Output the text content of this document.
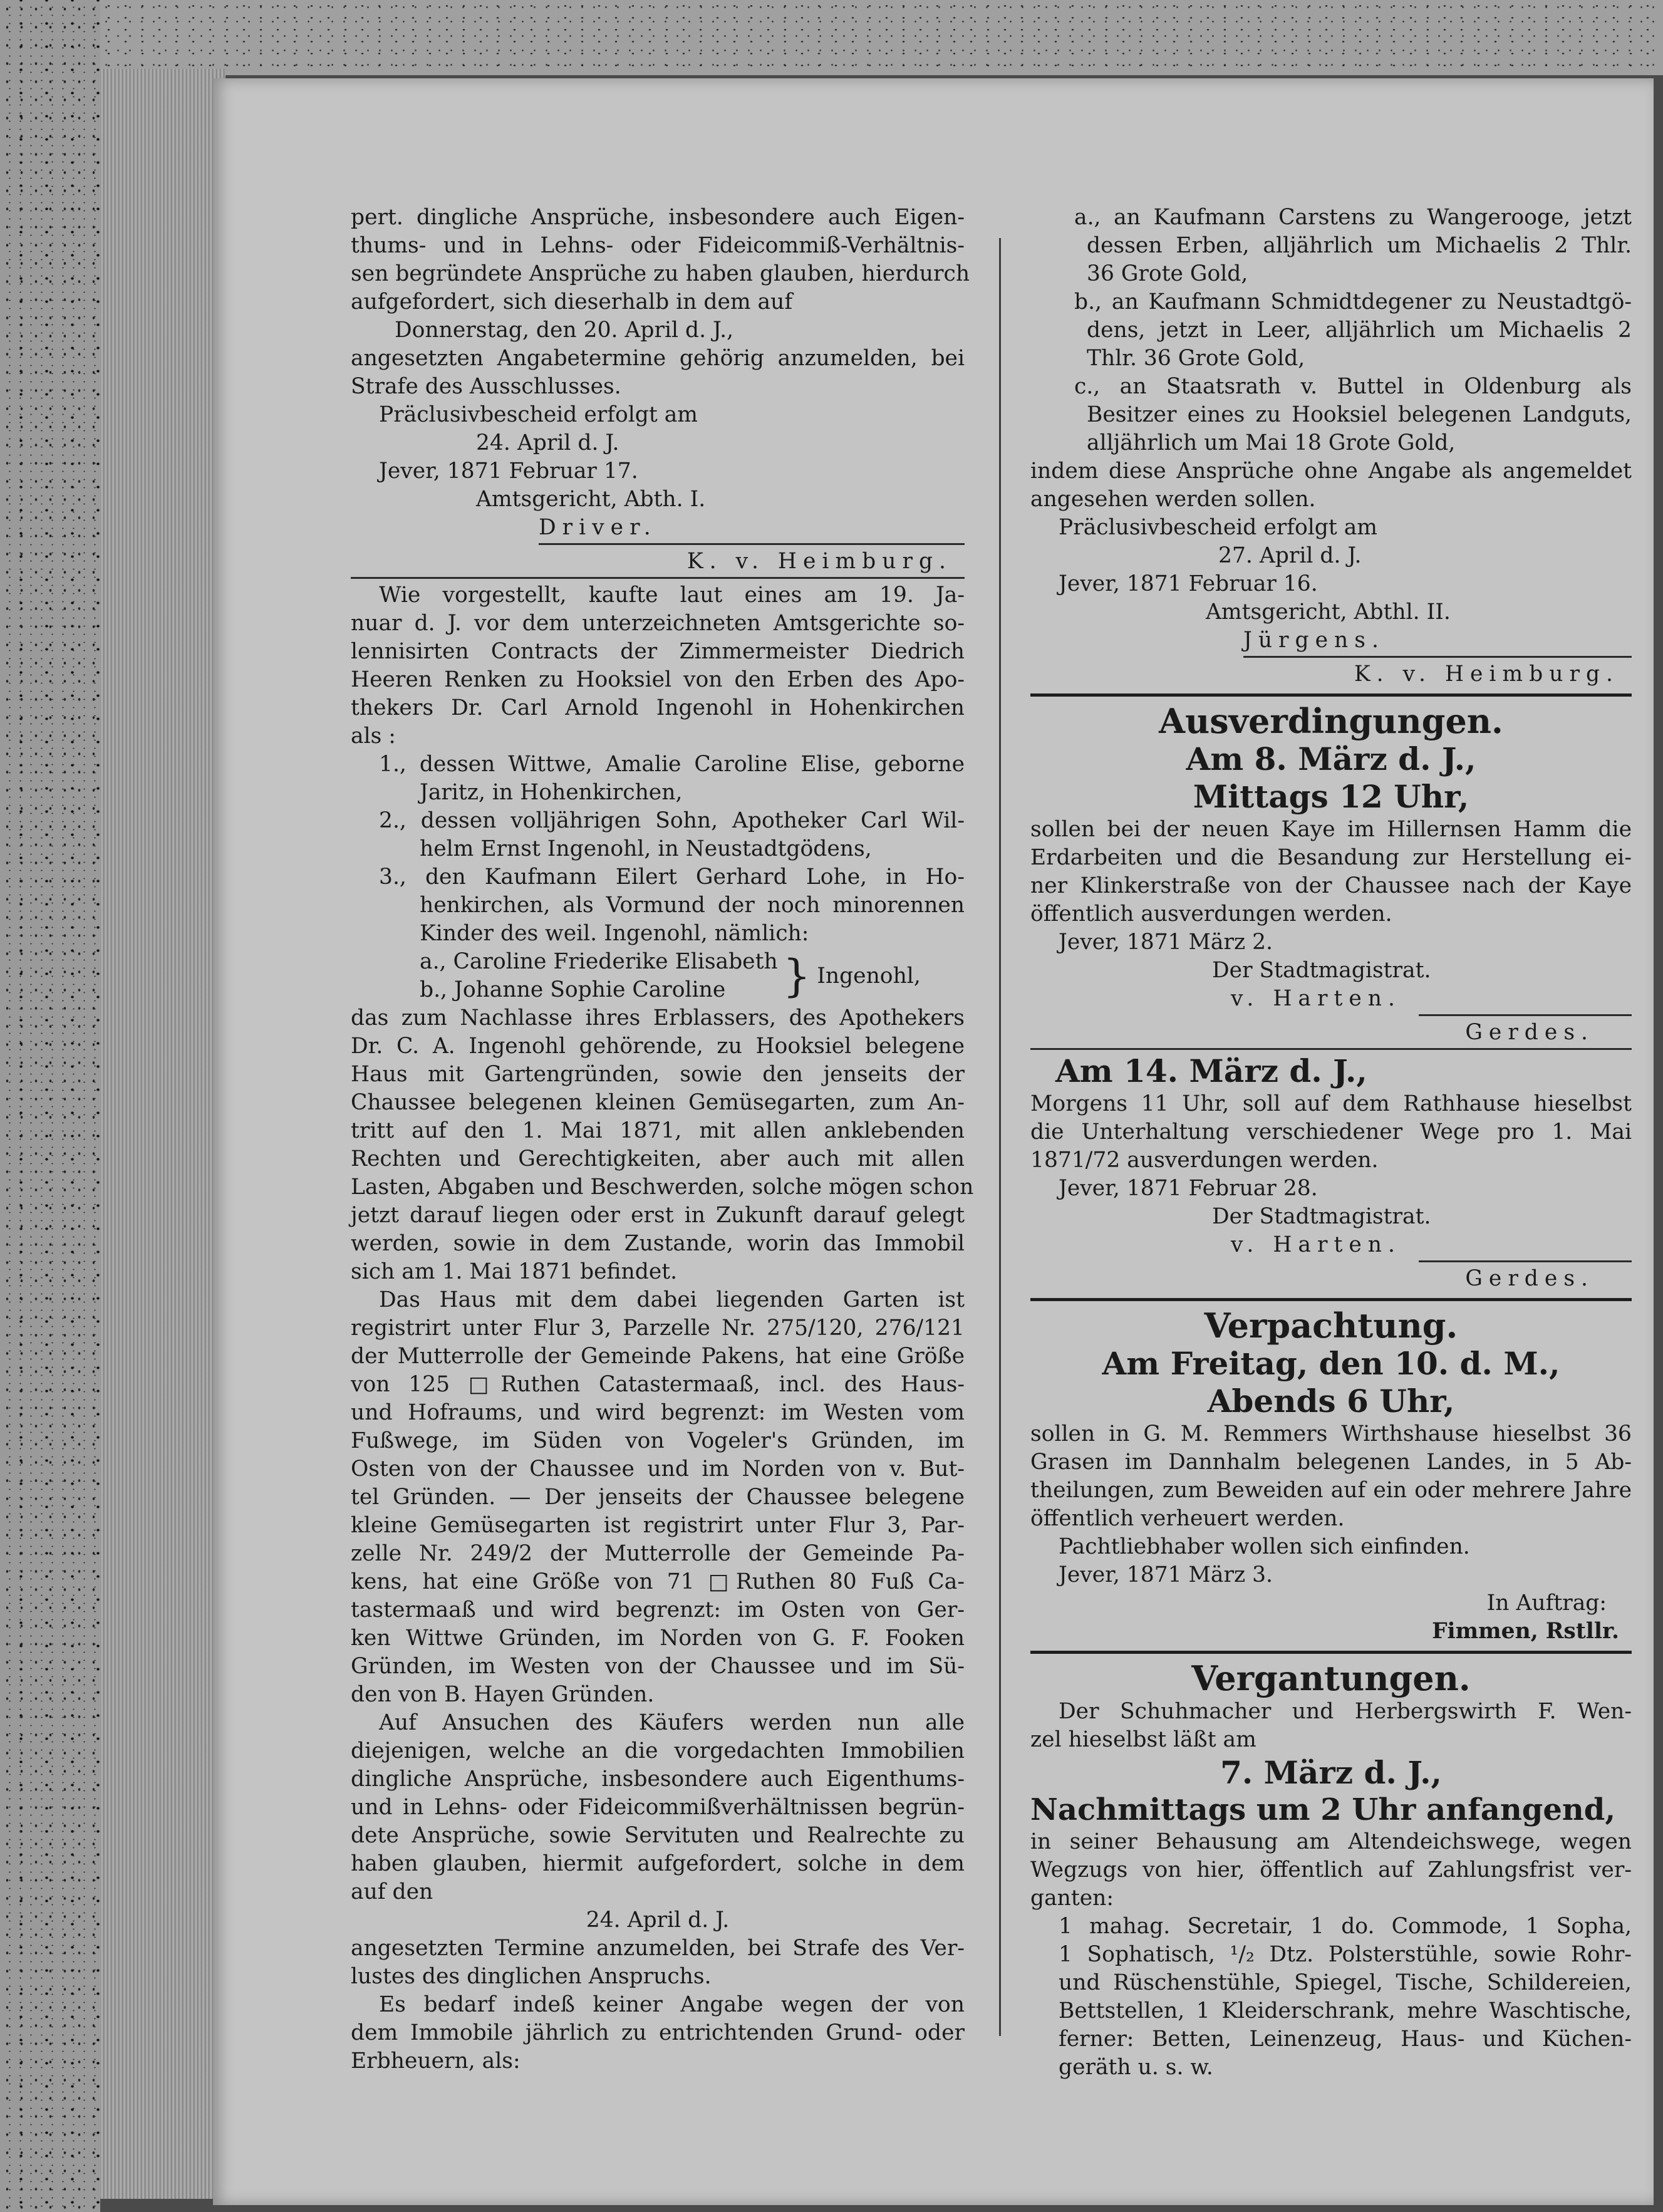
pert. dingliche Ansprüche, insbesondere auch Eigen-
thums- und in Lehns- oder Fideicommiß-Verhältnis-
sen begründete Ansprüche zu haben glauben, hierdurch
aufgefordert, sich dieserhalb in dem auf
Donnerstag, den 20. April d. J.,
angesetzten Angabetermine gehörig anzumelden, bei
Strafe des Ausschlusses.
Präclusivbescheid erfolgt am
24. April d. J.
Jever, 1871 Februar 17.
Amtsgericht, Abth. I.
Driver.
K. v. Heimburg.
Wie vorgestellt, kaufte laut eines am 19. Ja-
nuar d. J. vor dem unterzeichneten Amtsgerichte so-
lennisirten Contracts der Zimmermeister Diedrich
Heeren Renken zu Hooksiel von den Erben des Apo-
thekers Dr. Carl Arnold Ingenohl in Hohenkirchen
als :
1., dessen Wittwe, Amalie Caroline Elise, geborne
Jaritz, in Hohenkirchen,
2., dessen volljährigen Sohn, Apotheker Carl Wil-
helm Ernst Ingenohl, in Neustadtgödens,
3., den Kaufmann Eilert Gerhard Lohe, in Ho-
henkirchen, als Vormund der noch minorennen
Kinder des weil. Ingenohl, nämlich:
a., Caroline Friederike Elisabeth
b., Johanne Sophie Caroline	} Ingenohl,
das zum Nachlasse ihres Erblassers, des Apothekers
Dr. C. A. Ingenohl gehörende, zu Hooksiel belegene
Haus mit Gartengründen, sowie den jenseits der
Chaussee belegenen kleinen Gemüsegarten, zum An-
tritt auf den 1. Mai 1871, mit allen anklebenden
Rechten und Gerechtigkeiten, aber auch mit allen
Lasten, Abgaben und Beschwerden, solche mögen schon
jetzt darauf liegen oder erst in Zukunft darauf gelegt
werden, sowie in dem Zustande, worin das Immobil
sich am 1. Mai 1871 befindet.
Das Haus mit dem dabei liegenden Garten ist
registrirt unter Flur 3, Parzelle Nr. 275/120, 276/121
der Mutterrolle der Gemeinde Pakens, hat eine Größe
von 125 □Ruthen Catastermaaß, incl. des Haus-
und Hofraums, und wird begrenzt: im Westen vom
Fußwege, im Süden von Vogeler's Gründen, im
Osten von der Chaussee und im Norden von v. But-
tel Gründen. — Der jenseits der Chaussee belegene
kleine Gemüsegarten ist registrirt unter Flur 3, Par-
zelle Nr. 249/2 der Mutterrolle der Gemeinde Pa-
kens, hat eine Größe von 71 □Ruthen 80 Fuß Ca-
tastermaaß und wird begrenzt: im Osten von Ger-
ken Wittwe Gründen, im Norden von G. F. Fooken
Gründen, im Westen von der Chaussee und im Sü-
den von B. Hayen Gründen.
Auf Ansuchen des Käufers werden nun alle
diejenigen, welche an die vorgedachten Immobilien
dingliche Ansprüche, insbesondere auch Eigenthums-
und in Lehns- oder Fideicommißverhältnissen begrün-
dete Ansprüche, sowie Servituten und Realrechte zu
haben glauben, hiermit aufgefordert, solche in dem
auf den
24. April d. J.
angesetzten Termine anzumelden, bei Strafe des Ver-
lustes des dinglichen Anspruchs.
Es bedarf indeß keiner Angabe wegen der von
dem Immobile jährlich zu entrichtenden Grund- oder
Erbheuern, als:
a., an Kaufmann Carstens zu Wangerooge, jetzt
dessen Erben, alljährlich um Michaelis 2 Thlr.
36 Grote Gold,
b., an Kaufmann Schmidtdegener zu Neustadtgö-
dens, jetzt in Leer, alljährlich um Michaelis 2
Thlr. 36 Grote Gold,
c., an Staatsrath v. Buttel in Oldenburg als
Besitzer eines zu Hooksiel belegenen Landguts,
alljährlich um Mai 18 Grote Gold,
indem diese Ansprüche ohne Angabe als angemeldet
angesehen werden sollen.
Präclusivbescheid erfolgt am
27. April d. J.
Jever, 1871 Februar 16.
Amtsgericht, Abthl. II.
Jürgens.
K. v. Heimburg.
Ausverdingungen.
Am 8. März d. J.,
Mittags 12 Uhr,
sollen bei der neuen Kaye im Hillernsen Hamm die
Erdarbeiten und die Besandung zur Herstellung ei-
ner Klinkerstraße von der Chaussee nach der Kaye
öffentlich ausverdungen werden.
Jever, 1871 März 2.
Der Stadtmagistrat.
v. Harten.
Gerdes.
Am 14. März d. J.,
Morgens 11 Uhr, soll auf dem Rathhause hieselbst
die Unterhaltung verschiedener Wege pro 1. Mai
1871/72 ausverdungen werden.
Jever, 1871 Februar 28.
Der Stadtmagistrat.
v. Harten.
Gerdes.
Verpachtung.
Am Freitag, den 10. d. M.,
Abends 6 Uhr,
sollen in G. M. Remmers Wirthshause hieselbst 36
Grasen im Dannhalm belegenen Landes, in 5 Ab-
theilungen, zum Beweiden auf ein oder mehrere Jahre
öffentlich verheuert werden.
Pachtliebhaber wollen sich einfinden.
Jever, 1871 März 3.
In Auftrag:
Fimmen, Rstllr.
Vergantungen.
Der Schuhmacher und Herbergswirth F. Wen-
zel hieselbst läßt am
7. März d. J.,
Nachmittags um 2 Uhr anfangend,
in seiner Behausung am Altendeichswege, wegen
Wegzugs von hier, öffentlich auf Zahlungsfrist ver-
ganten:
1 mahag. Secretair, 1 do. Commode, 1 Sopha,
1 Sophatisch, ¹/₂ Dtz. Polsterstühle, sowie Rohr-
und Rüschenstühle, Spiegel, Tische, Schildereien,
Bettstellen, 1 Kleiderschrank, mehre Waschtische,
ferner: Betten, Leinenzeug, Haus- und Küchen-
geräth u. s. w.
